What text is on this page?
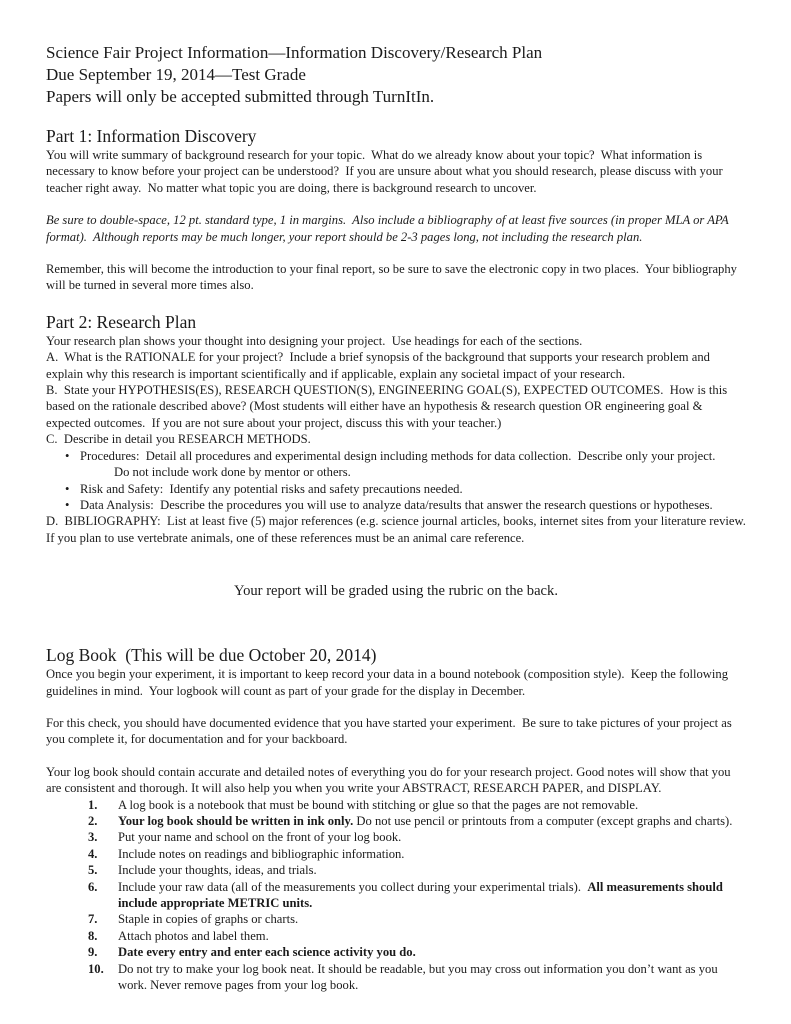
Science Fair Project Information—Information Discovery/Research Plan
Due September 19, 2014—Test Grade
Papers will only be accepted submitted through TurnItIn.
Part 1: Information Discovery
You will write summary of background research for your topic.  What do we already know about your topic?  What information is necessary to know before your project can be understood?  If you are unsure about what you should research, please discuss with your teacher right away.  No matter what topic you are doing, there is background research to uncover.
Be sure to double-space, 12 pt. standard type, 1 in margins.  Also include a bibliography of at least five sources (in proper MLA or APA format).  Although reports may be much longer, your report should be 2-3 pages long, not including the research plan.
Remember, this will become the introduction to your final report, so be sure to save the electronic copy in two places.  Your bibliography will be turned in several more times also.
Part 2: Research Plan
Your research plan shows your thought into designing your project.  Use headings for each of the sections.
A.  What is the RATIONALE for your project?  Include a brief synopsis of the background that supports your research problem and explain why this research is important scientifically and if applicable, explain any societal impact of your research.
B.  State your HYPOTHESIS(ES), RESEARCH QUESTION(S), ENGINEERING GOAL(S), EXPECTED OUTCOMES.  How is this based on the rationale described above? (Most students will either have an hypothesis & research question OR engineering goal & expected outcomes.  If you are not sure about your project, discuss this with your teacher.)
C.  Describe in detail you RESEARCH METHODS.
• Procedures:  Detail all procedures and experimental design including methods for data collection.  Describe only your project.
Do not include work done by mentor or others.
• Risk and Safety:  Identify any potential risks and safety precautions needed.
• Data Analysis:  Describe the procedures you will use to analyze data/results that answer the research questions or hypotheses.
D.  BIBLIOGRAPHY:  List at least five (5) major references (e.g. science journal articles, books, internet sites from your literature review.  If you plan to use vertebrate animals, one of these references must be an animal care reference.
Your report will be graded using the rubric on the back.
Log Book  (This will be due October 20, 2014)
Once you begin your experiment, it is important to keep record your data in a bound notebook (composition style).  Keep the following guidelines in mind.  Your logbook will count as part of your grade for the display in December.
For this check, you should have documented evidence that you have started your experiment.  Be sure to take pictures of your project as you complete it, for documentation and for your backboard.
Your log book should contain accurate and detailed notes of everything you do for your research project. Good notes will show that you are consistent and thorough. It will also help you when you write your ABSTRACT, RESEARCH PAPER, and DISPLAY.
1.	A log book is a notebook that must be bound with stitching or glue so that the pages are not removable.
2.	Your log book should be written in ink only. Do not use pencil or printouts from a computer (except graphs and charts).
3.	Put your name and school on the front of your log book.
4.	Include notes on readings and bibliographic information.
5.	Include your thoughts, ideas, and trials.
6.	Include your raw data (all of the measurements you collect during your experimental trials).  All measurements should include appropriate METRIC units.
7.	Staple in copies of graphs or charts.
8.	Attach photos and label them.
9.	Date every entry and enter each science activity you do.
10.	Do not try to make your log book neat. It should be readable, but you may cross out information you don’t want as you work. Never remove pages from your log book.
